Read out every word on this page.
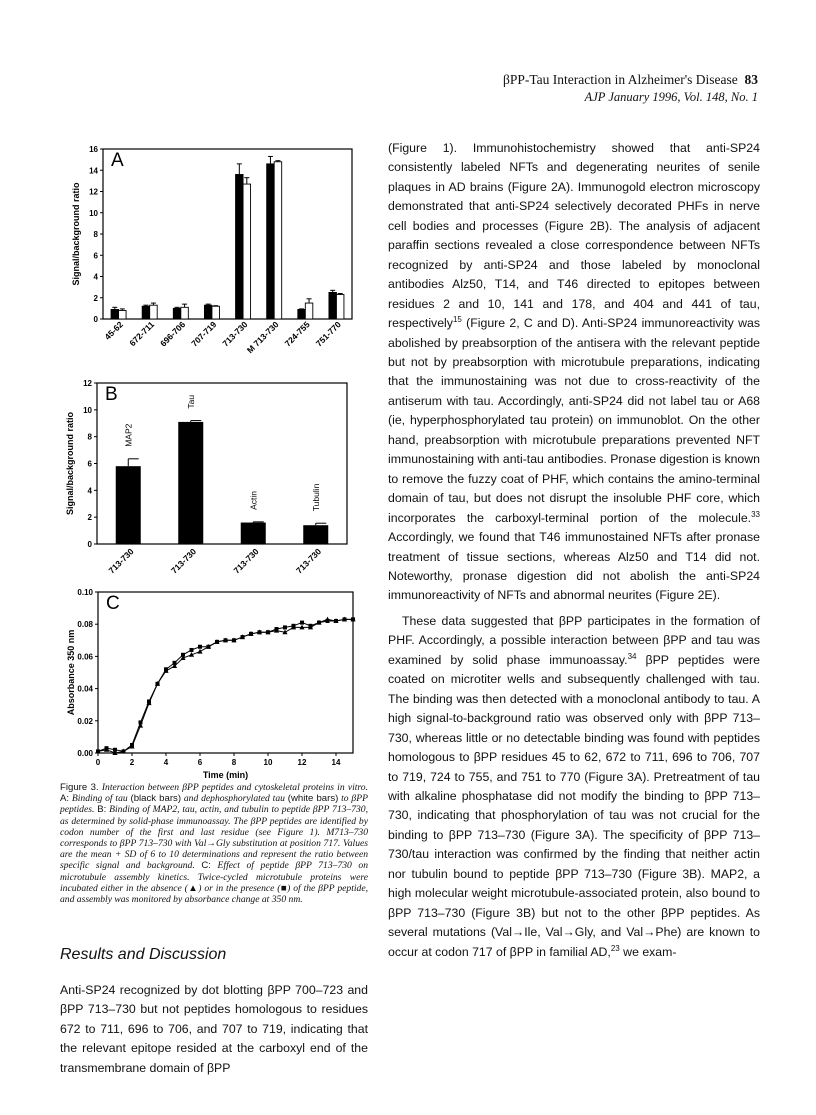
βPP-Tau Interaction in Alzheimer's Disease 83
AJP January 1996, Vol. 148, No. 1
0
2
4
6
8
10
12
14
16
A
Signal/background ratio
45-62 672-711 696-706 707-719 713-730
M 713-730 724-755 751-770
0
2
4
6
8
10
12
B
Signal/background ratio	MAP2
713-730
Tau
713-730
Actin
713-730
Tubulin
713-730
0.00
0.02
0.04
0.06
0.08
0.10
C
Absorbance 350 nm
0	2	4	6	8	10	12	14
Time (min)
Figure 3. Interaction between βPP peptides and cytoskeletal proteins in vitro. A: Binding of tau (black bars) and dephosphorylated tau (white bars) to βPP peptides. B: Binding of MAP2, tau, actin, and tubulin to peptide βPP 713–730, as determined by solid-phase immunoassay. The βPP peptides are identified by codon number of the first and last residue (see Figure 1). M713–730 corresponds to βPP 713–730 with Val→Gly substitution at position 717. Values are the mean + SD of 6 to 10 determinations and represent the ratio between specific signal and background. C: Effect of peptide βPP 713–730 on microtubule assembly kinetics. Twice-cycled microtubule proteins were incubated either in the absence (▲) or in the presence (■) of the βPP peptide, and assembly was monitored by absorbance change at 350 nm.
Results and Discussion

Anti-SP24 recognized by dot blotting βPP 700–723 and βPP 713–730 but not peptides homologous to residues 672 to 711, 696 to 706, and 707 to 719, indicating that the relevant epitope resided at the carboxyl end of the transmembrane domain of βPP

(Figure 1). Immunohistochemistry showed that anti-SP24 consistently labeled NFTs and degenerating neurites of senile plaques in AD brains (Figure 2A). Immunogold electron microscopy demonstrated that anti-SP24 selectively decorated PHFs in nerve cell bodies and processes (Figure 2B). The analysis of adjacent paraffin sections revealed a close correspondence between NFTs recognized by anti-SP24 and those labeled by monoclonal antibodies Alz50, T14, and T46 directed to epitopes between residues 2 and 10, 141 and 178, and 404 and 441 of tau, respectively$^{15}$ (Figure 2, C and D). Anti-SP24 immunoreactivity was abolished by preabsorption of the antisera with the relevant peptide but not by preabsorption with microtubule preparations, indicating that the immunostaining was not due to cross-reactivity of the antiserum with tau. Accordingly, anti-SP24 did not label tau or A68 (ie, hyperphosphorylated tau protein) on immunoblot. On the other hand, preabsorption with microtubule preparations prevented NFT immunostaining with anti-tau antibodies. Pronase digestion is known to remove the fuzzy coat of PHF, which contains the amino-terminal domain of tau, but does not disrupt the insoluble PHF core, which incorporates the carboxyl-terminal portion of the molecule.$^{33}$ Accordingly, we found that T46 immunostained NFTs after pronase treatment of tissue sections, whereas Alz50 and T14 did not. Noteworthy, pronase digestion did not abolish the anti-SP24 immunoreactivity of NFTs and abnormal neurites (Figure 2E).

These data suggested that βPP participates in the formation of PHF. Accordingly, a possible interaction between βPP and tau was examined by solid phase immunoassay.$^{34}$ βPP peptides were coated on microtiter wells and subsequently challenged with tau. The binding was then detected with a monoclonal antibody to tau. A high signal-to-background ratio was observed only with βPP 713–730, whereas little or no detectable binding was found with peptides homologous to βPP residues 45 to 62, 672 to 711, 696 to 706, 707 to 719, 724 to 755, and 751 to 770 (Figure 3A). Pretreatment of tau with alkaline phosphatase did not modify the binding to βPP 713–730, indicating that phosphorylation of tau was not crucial for the binding to βPP 713–730 (Figure 3A). The specificity of βPP 713–730/tau interaction was confirmed by the finding that neither actin nor tubulin bound to peptide βPP 713–730 (Figure 3B). MAP2, a high molecular weight microtubule-associated protein, also bound to βPP 713–730 (Figure 3B) but not to the other βPP peptides. As several mutations (Val→Ile, Val→Gly, and Val→Phe) are known to occur at codon 717 of βPP in familial AD,$^{23}$ we exam-
